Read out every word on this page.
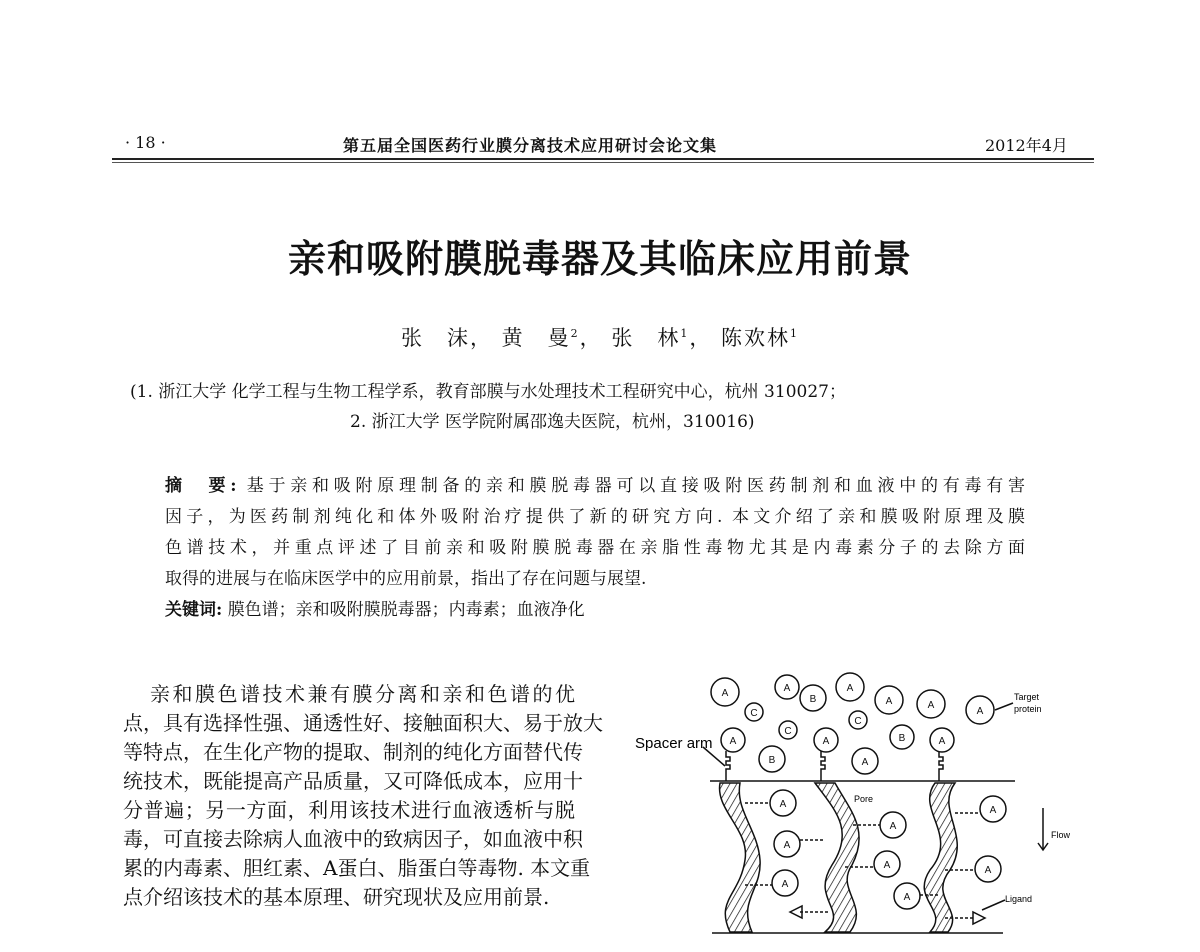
· 18 ·	第五届全国医药行业膜分离技术应用研讨会论文集	2012年4月
亲和吸附膜脱毒器及其临床应用前景
张　沫， 黄　曼$^2$， 张　林$^1$， 陈欢林$^1$
(1. 浙江大学 化学工程与生物工程学系，教育部膜与水处理技术工程研究中心，杭州 310027；
2. 浙江大学 医学院附属邵逸夫医院，杭州，310016)
摘　要: 基于亲和吸附原理制备的亲和膜脱毒器可以直接吸附医药制剂和血液中的有毒有害
因子，为医药制剂纯化和体外吸附治疗提供了新的研究方向. 本文介绍了亲和膜吸附原理及膜
色谱技术，并重点评述了目前亲和吸附膜脱毒器在亲脂性毒物尤其是内毒素分子的去除方面
取得的进展与在临床医学中的应用前景，指出了存在问题与展望.
关键词: 膜色谱；亲和吸附膜脱毒器；内毒素；血液净化
亲和膜色谱技术兼有膜分离和亲和色谱的优
点，具有选择性强、通透性好、接触面积大、易于放大
等特点，在生化产物的提取、制剂的纯化方面替代传
统技术，既能提高产品质量，又可降低成本，应用十
分普遍；另一方面，利用该技术进行血液透析与脱
毒，可直接去除病人血液中的致病因子，如血液中积
累的内毒素、胆红素、A蛋白、脂蛋白等毒物. 本文重
点介绍该技术的基本原理、研究现状及应用前景.
A	A
B
A
A	A
A
C
C
C
A	A	B	A
B	A
A
A
A
A
A
A
A
A
Spacer arm
Target
protein
Pore
Flow
Ligand
